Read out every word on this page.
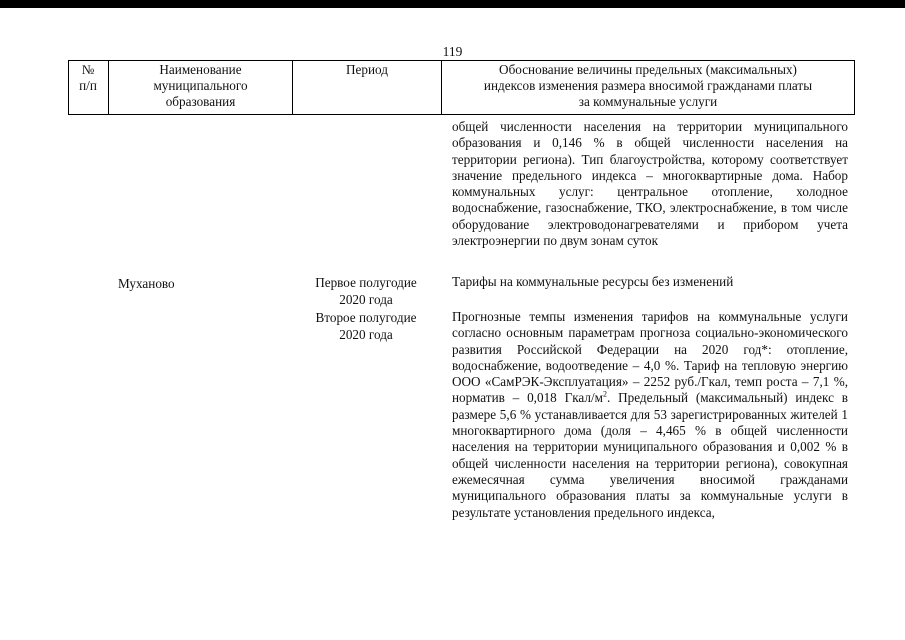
119
№
п/п
Наименование
муниципального
образования
Период	Обоснование величины предельных (максимальных)
индексов изменения размера вносимой гражданами платы
за коммунальные услуги

общей численности населения на территории муниципального образования и 0,146 % в общей численности населения на территории региона). Тип благоустройства, которому соответствует значение предельного индекса – многоквартирные дома. Набор коммунальных услуг: центральное отопление, холодное водоснабжение, газоснабжение, ТКО, электроснабжение, в том числе оборудование электроводонагревателями и прибором учета электроэнергии по двум зонам суток

Муханово	Первое полугодие
2020 года
Второе полугодие
2020 года

Тарифы на коммунальные ресурсы без изменений

Прогнозные темпы изменения тарифов на коммунальные услуги согласно основным параметрам прогноза социально-экономического развития Российской Федерации на 2020 год*: отопление, водоснабжение, водоотведение – 4,0 %. Тариф на тепловую энергию ООО «СамРЭК-Эксплуатация» – 2252 руб./Гкал, темп роста – 7,1 %, норматив – 0,018 Гкал/$м^2$. Предельный (максимальный) индекс в размере 5,6 % устанавливается для 53 зарегистрированных жителей 1 многоквартирного дома (доля – 4,465 % в общей численности населения на территории муниципального образования и 0,002 % в общей численности населения на территории региона), совокупная ежемесячная сумма увеличения вносимой гражданами муниципального образования платы за коммунальные услуги в результате установления предельного индекса,
